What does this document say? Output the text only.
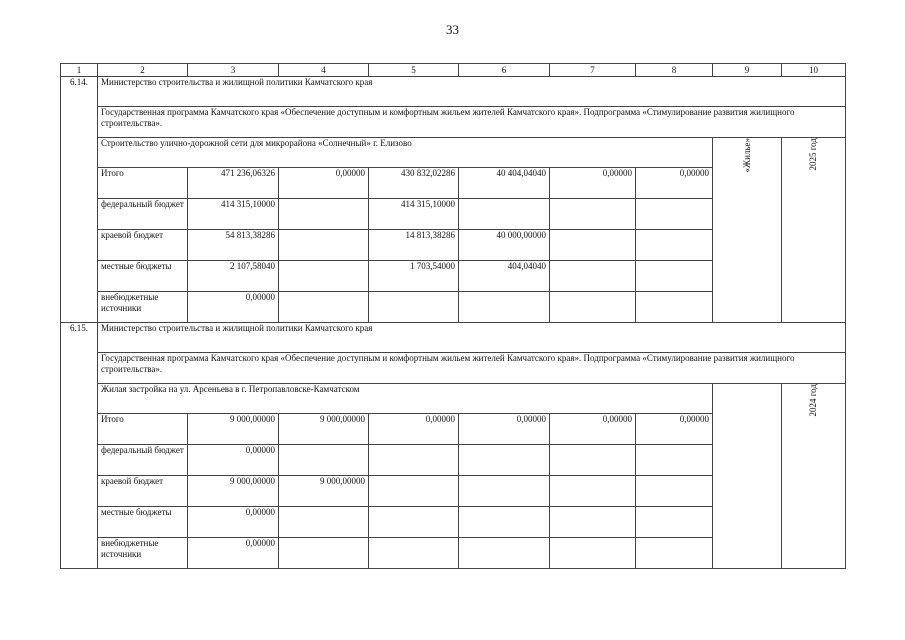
33
1	2	3	4	5	6	7	8	9	10
6.14.	Министерство строительства и жилищной политики Камчатского края								
	Государственная программа Камчатского края «Обеспечение доступным и комфортным жильем жителей Камчатского края». Подпрограмма «Стимулирование развития жилищного строительства».								
	Строительство улично-дорожной сети для микрорайона «Солнечный» г. Елизово							«Жилье»	2025 год
	Итого	471 236,06326	0,00000	430 832,02286	40 404,04040	0,00000	0,00000		
	федеральный бюджет	414 315,10000		414 315,10000					
	краевой бюджет	54 813,38286		14 813,38286	40 000,00000				
	местные бюджеты	2 107,58040		1 703,54000	404,04040				
	внебюджетные источники	0,00000							
6.15.	Министерство строительства и жилищной политики Камчатского края								
	Государственная программа Камчатского края «Обеспечение доступным и комфортным жильем жителей Камчатского края». Подпрограмма «Стимулирование развития жилищного строительства».								
	Жилая застройка на ул. Арсеньева в г. Петропавловске-Камчатском								2024 год
	Итого	9 000,00000	9 000,00000	0,00000	0,00000	0,00000	0,00000		
	федеральный бюджет	0,00000							
	краевой бюджет	9 000,00000	9 000,00000						
	местные бюджеты	0,00000							
	внебюджетные источники	0,00000							
